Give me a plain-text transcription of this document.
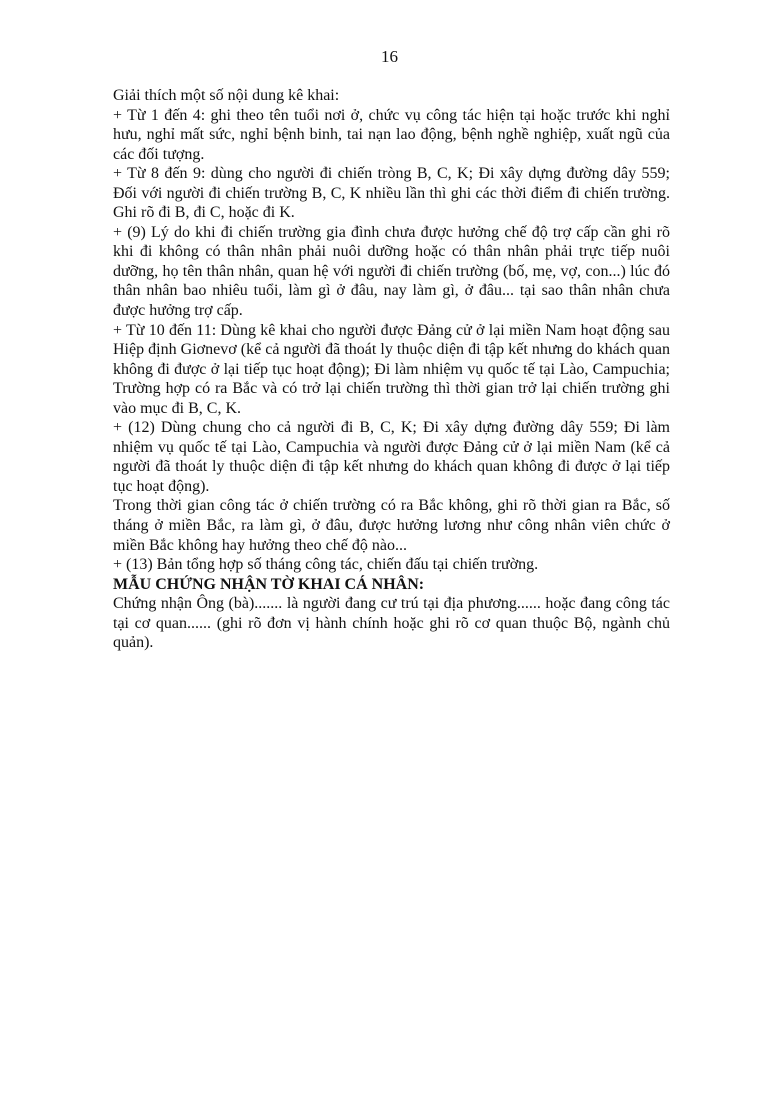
16

Giải thích một số nội dung kê khai:

+ Từ 1 đến 4: ghi theo tên tuổi nơi ở, chức vụ công tác hiện tại hoặc trước khi nghỉ hưu, nghỉ mất sức, nghỉ bệnh binh, tai nạn lao động, bệnh nghề nghiệp, xuất ngũ của các đối tượng.

+ Từ 8 đến 9: dùng cho người đi chiến tròng B, C, K; Đi xây dựng đường dây 559; Đối với người đi chiến trường B, C, K nhiều lần thì ghi các thời điểm đi chiến trường. Ghi rõ đi B, đi C, hoặc đi K.

+ (9) Lý do khi đi chiến trường gia đình chưa được hưởng chế độ trợ cấp cần ghi rõ khi đi không có thân nhân phải nuôi dưỡng hoặc có thân nhân phải trực tiếp nuôi dưỡng, họ tên thân nhân, quan hệ với người đi chiến trường (bố, mẹ, vợ, con...) lúc đó thân nhân bao nhiêu tuổi, làm gì ở đâu, nay làm gì, ở đâu... tại sao thân nhân chưa được hưởng trợ cấp.

+ Từ 10 đến 11: Dùng kê khai cho người được Đảng cử ở lại miền Nam hoạt động sau Hiệp định Giơnevơ (kể cả người đã thoát ly thuộc diện đi tập kết nhưng do khách quan không đi được ở lại tiếp tục hoạt động); Đi làm nhiệm vụ quốc tế tại Lào, Campuchia; Trường hợp có ra Bắc và có trở lại chiến trường thì thời gian trở lại chiến trường ghi vào mục đi B, C, K.

+ (12) Dùng chung cho cả người đi B, C, K; Đi xây dựng đường dây 559; Đi làm nhiệm vụ quốc tế tại Lào, Campuchia và người được Đảng cử ở lại miền Nam (kể cả người đã thoát ly thuộc diện đi tập kết nhưng do khách quan không đi được ở lại tiếp tục hoạt động).

Trong thời gian công tác ở chiến trường có ra Bắc không, ghi rõ thời gian ra Bắc, số tháng ở miền Bắc, ra làm gì, ở đâu, được hưởng lương như công nhân viên chức ở miền Bắc không hay hưởng theo chế độ nào...

+ (13) Bản tổng hợp số tháng công tác, chiến đấu tại chiến trường.

MẪU CHỨNG NHẬN TỜ KHAI CÁ NHÂN:

Chứng nhận Ông (bà)....... là người đang cư trú tại địa phương...... hoặc đang công tác tại cơ quan...... (ghi rõ đơn vị hành chính hoặc ghi rõ cơ quan thuộc Bộ, ngành chủ quản).
